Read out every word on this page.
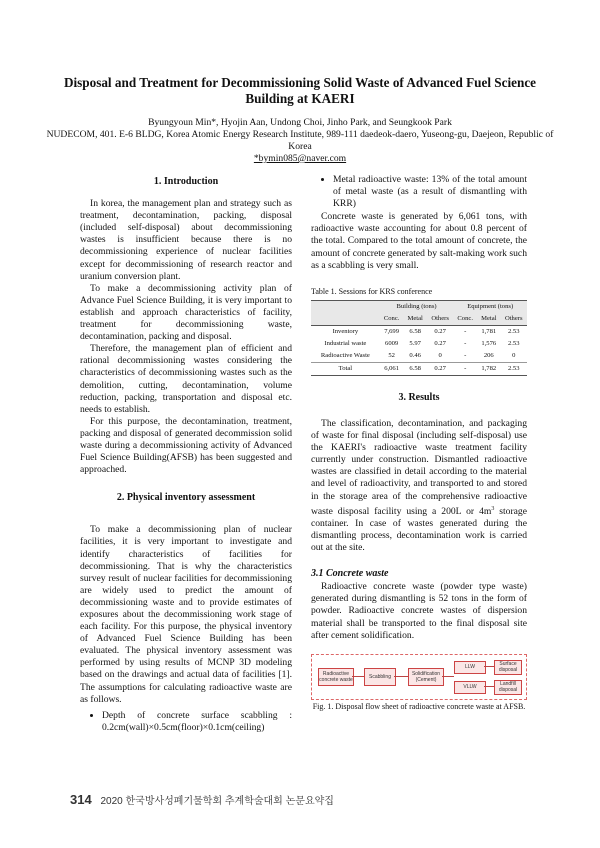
Disposal and Treatment for Decommissioning Solid Waste of Advanced Fuel Science Building at KAERI
Byungyoun Min*, Hyojin Aan, Undong Choi, Jinho Park, and Seungkook Park
NUDECOM, 401. E-6 BLDG, Korea Atomic Energy Research Institute, 989-111 daedeok-daero, Yuseong-gu, Daejeon, Republic of Korea
*bymin085@naver.com
1. Introduction

In korea, the management plan and strategy such as treatment, decontamination, packing, disposal (included self-disposal) about decommissioning wastes is insufficient because there is no decommissioning experience of nuclear facilities except for decommissioning of research reactor and uranium conversion plant.

To make a decommissioning activity plan of Advance Fuel Science Building, it is very important to establish and approach characteristics of facility, treatment for decommissioning waste, decontamination, packing and disposal.

Therefore, the management plan of efficient and rational decommissioning wastes considering the characteristics of decommissioning wastes such as the demolition, cutting, decontamination, volume reduction, packing, transportation and disposal etc. needs to establish.

For this purpose, the decontamination, treatment, packing and disposal of generated decommission solid waste during a decommissioning activity of Advanced Fuel Science Building(AFSB) has been suggested and approached.

2. Physical inventory assessment

To make a decommissioning plan of nuclear facilities, it is very important to investigate and identify characteristics of facilities for decommissioning. That is why the characteristics survey result of nuclear facilities for decommissioning are widely used to predict the amount of decommissioning waste and to provide estimates of exposures about the decommissioning work stage of each facility. For this purpose, the physical inventory of Advanced Fuel Science Building has been evaluated. The physical inventory assessment was performed by using results of MCNP 3D modeling based on the drawings and actual data of facilities [1]. The assumptions for calculating radioactive waste are as follows.

• Depth of concrete surface scabbling : 0.2cm(wall)×0.5cm(floor)×0.1cm(ceiling)
• Metal radioactive waste: 13% of the total amount of metal waste (as a result of dismantling with KRR)

Concrete waste is generated by 6,061 tons, with radioactive waste accounting for about 0.8 percent of the total. Compared to the total amount of concrete, the amount of concrete generated by salt-making work such as a scabbling is very small.

Table 1. Sessions for KRS conference
	Building (tons)			Equipment (tons)		
	Conc.	Metal	Others	Conc.	Metal	Others
Inventory	7,699	6.58	0.27	-	1,781	2.53
Industrial waste	6009	5.97	0.27	-	1,576	2.53
Radioactive Waste	52	0.46	0	-	206	0
Total	6,061	6.58	0.27	-	1,782	2.53
3. Results

The classification, decontamination, and packaging of waste for final disposal (including self-disposal) use the KAERI's radioactive waste treatment facility currently under construction. Dismantled radioactive wastes are classified in detail according to the material and level of radioactivity, and transported to and stored in the storage area of the comprehensive radioactive waste disposal facility using a 200L or $4m^3$ storage container. In case of wastes generated during the dismantling process, decontamination work is carried out at the site.

3.1 Concrete waste

Radioactive concrete waste (powder type waste) generated during dismantling is 52 tons in the form of powder. Radioactive concrete wastes of dispersion material shall be transported to the final disposal site after cement solidification.

Radioactive concrete waste	Scabbling	Solidification (Cement)
LLW
VLLW
Surface disposal
Landfill disposal
Fig. 1. Disposal flow sheet of radioactive concrete waste at AFSB.
314 2020 한국방사성폐기물학회 추계학술대회 논문요약집
